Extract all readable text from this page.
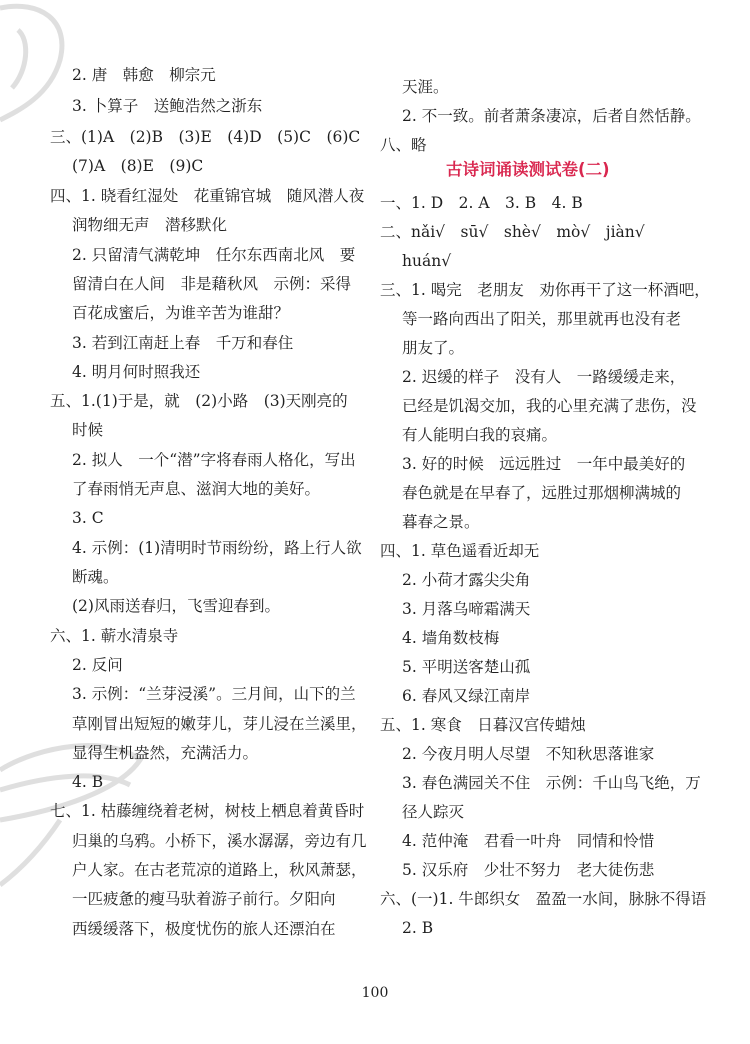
2. 唐　韩愈　柳宗元
3. 卜算子　送鲍浩然之浙东
三、(1)A　(2)B　(3)E　(4)D　(5)C　(6)C
(7)A　(8)E　(9)C
四、1. 晓看红湿处　花重锦官城　随风潜人夜
润物细无声　潜移默化
2. 只留清气满乾坤　任尔东西南北风　要
留清白在人间　非是藉秋风　示例：采得
百花成蜜后，为谁辛苦为谁甜？
3. 若到江南赶上春　千万和春住
4. 明月何时照我还
五、1.(1)于是，就　(2)小路　(3)天刚亮的
时候
2. 拟人　一个“潜”字将春雨人格化，写出
了春雨悄无声息、滋润大地的美好。
3. C
4. 示例：(1)清明时节雨纷纷，路上行人欲
断魂。
(2)风雨送春归，飞雪迎春到。
六、1. 蕲水清泉寺
2. 反问
3. 示例：“兰芽浸溪”。三月间，山下的兰
草刚冒出短短的嫩芽儿，芽儿浸在兰溪里，
显得生机盎然，充满活力。
4. B
七、1. 枯藤缠绕着老树，树枝上栖息着黄昏时
归巢的乌鸦。小桥下，溪水潺潺，旁边有几
户人家。在古老荒凉的道路上，秋风萧瑟，
一匹疲惫的瘦马驮着游子前行。夕阳向
西缓缓落下，极度忧伤的旅人还漂泊在
天涯。
2. 不一致。前者萧条凄凉，后者自然恬静。
八、略
古诗词诵读测试卷(二)
一、1. D　2. A　3. B　4. B
二、nǎi√　sū√　shè√　mò√　jiàn√
huán√
三、1. 喝完　老朋友　劝你再干了这一杯酒吧，
等一路向西出了阳关，那里就再也没有老
朋友了。
2. 迟缓的样子　没有人　一路缓缓走来，
已经是饥渴交加，我的心里充满了悲伤，没
有人能明白我的哀痛。
3. 好的时候　远远胜过　一年中最美好的
春色就是在早春了，远胜过那烟柳满城的
暮春之景。
四、1. 草色遥看近却无
2. 小荷才露尖尖角
3. 月落乌啼霜满天
4. 墙角数枝梅
5. 平明送客楚山孤
6. 春风又绿江南岸
五、1. 寒食　日暮汉宫传蜡烛
2. 今夜月明人尽望　不知秋思落谁家
3. 春色满园关不住　示例：千山鸟飞绝，万
径人踪灭
4. 范仲淹　君看一叶舟　同情和怜惜
5. 汉乐府　少壮不努力　老大徒伤悲
六、(一)1. 牛郎织女　盈盈一水间，脉脉不得语
2. B
100
